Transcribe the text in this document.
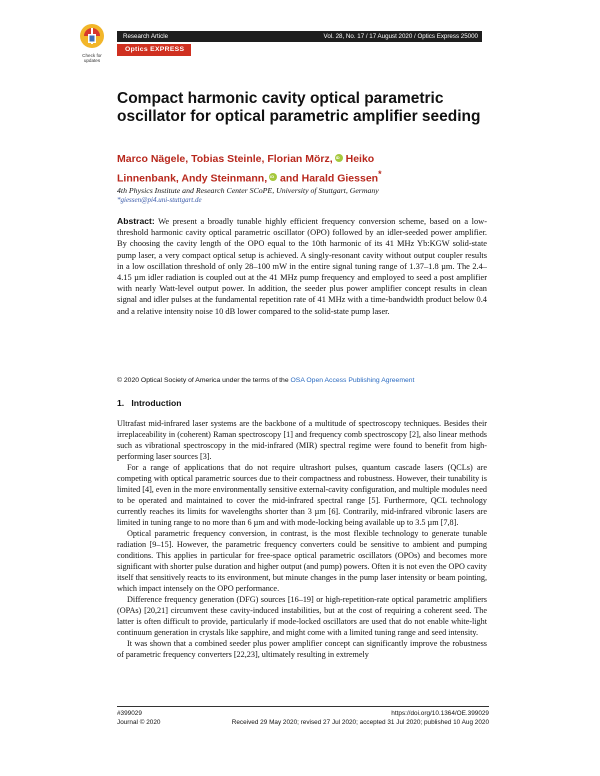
Check for
updates
Research Article	Vol. 28, No. 17 / 17 August 2020 / Optics Express 25000
Optics EXPRESS
Compact harmonic cavity optical parametric oscillator for optical parametric amplifier seeding

Marco Nägele, Tobias Steinle, Florian Mörz, iD Heiko
Linnenbank, Andy Steinmann, iD and Harald Giessen*

4th Physics Institute and Research Center SCoPE, University of Stuttgart, Germany

*giessen@pi4.uni-stuttgart.de

Abstract: We present a broadly tunable highly efficient frequency conversion scheme, based on a low-threshold harmonic cavity optical parametric oscillator (OPO) followed by an idler-seeded power amplifier. By choosing the cavity length of the OPO equal to the 10th harmonic of its 41 MHz Yb:KGW solid-state pump laser, a very compact optical setup is achieved. A singly-resonant cavity without output coupler results in a low oscillation threshold of only 28–100 mW in the entire signal tuning range of 1.37–1.8 µm. The 2.4–4.15 µm idler radiation is coupled out at the 41 MHz pump frequency and employed to seed a post amplifier with nearly Watt-level output power. In addition, the seeder plus power amplifier concept results in clean signal and idler pulses at the fundamental repetition rate of 41 MHz with a time-bandwidth product below 0.4 and a relative intensity noise 10 dB lower compared to the solid-state pump laser.

© 2020 Optical Society of America under the terms of the OSA Open Access Publishing Agreement

1. Introduction

Ultrafast mid-infrared laser systems are the backbone of a multitude of spectroscopy techniques. Besides their irreplaceability in (coherent) Raman spectroscopy [1] and frequency comb spectroscopy [2], also linear methods such as vibrational spectroscopy in the mid-infrared (MIR) spectral regime were found to benefit from high-performing laser sources [3].

For a range of applications that do not require ultrashort pulses, quantum cascade lasers (QCLs) are competing with optical parametric sources due to their compactness and robustness. However, their tunability is limited [4], even in the more environmentally sensitive external-cavity configuration, and multiple modules need to be operated and maintained to cover the mid-infrared spectral range [5]. Furthermore, QCL technology currently reaches its limits for wavelengths shorter than 3 µm [6]. Contrarily, mid-infrared vibronic lasers are limited in tuning range to no more than 6 µm and with mode-locking being available up to 3.5 µm [7,8].

Optical parametric frequency conversion, in contrast, is the most flexible technology to generate tunable radiation [9–15]. However, the parametric frequency converters could be sensitive to ambient and pumping conditions. This applies in particular for free-space optical parametric oscillators (OPOs) and becomes more significant with shorter pulse duration and higher output (and pump) powers. Often it is not even the OPO cavity itself that sensitively reacts to its environment, but minute changes in the pump laser intensity or beam pointing, which impact intensely on the OPO performance.

Difference frequency generation (DFG) sources [16–19] or high-repetition-rate optical parametric amplifiers (OPAs) [20,21] circumvent these cavity-induced instabilities, but at the cost of requiring a coherent seed. The latter is often difficult to provide, particularly if mode-locked oscillators are used that do not enable white-light continuum generation in crystals like sapphire, and might come with a limited tuning range and seed intensity.

It was shown that a combined seeder plus power amplifier concept can significantly improve the robustness of parametric frequency converters [22,23], ultimately resulting in extremely

#399029	https://doi.org/10.1364/OE.399029
Journal © 2020	Received 29 May 2020; revised 27 Jul 2020; accepted 31 Jul 2020; published 10 Aug 2020
